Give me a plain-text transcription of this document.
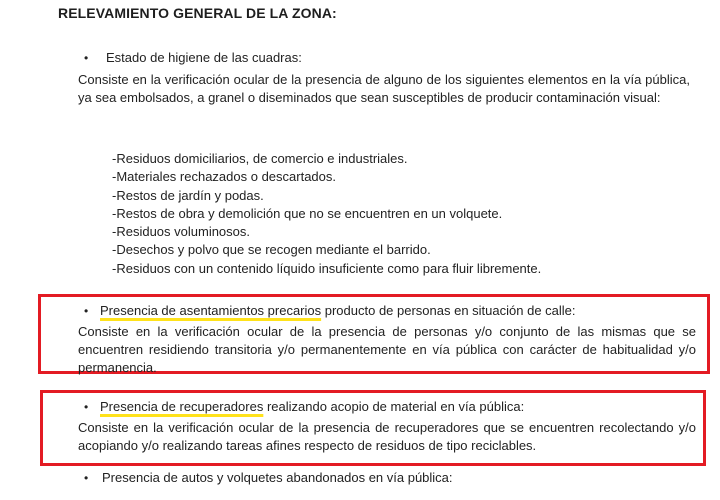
RELEVAMIENTO GENERAL DE LA ZONA:
• Estado de higiene de las cuadras:
Consiste en la verificación ocular de la presencia de alguno de los siguientes elementos en la vía pública, ya sea embolsados, a granel o diseminados que sean susceptibles de producir contaminación visual:
-Residuos domiciliarios, de comercio e industriales.
-Materiales rechazados o descartados.
-Restos de jardín y podas.
-Restos de obra y demolición que no se encuentren en un volquete.
-Residuos voluminosos.
-Desechos y polvo que se recogen mediante el barrido.
-Residuos con un contenido líquido insuficiente como para fluir libremente.
• Presencia de asentamientos precarios producto de personas en situación de calle:
Consiste en la verificación ocular de la presencia de personas y/o conjunto de las mismas que se encuentren residiendo transitoria y/o permanentemente en vía pública con carácter de habitualidad y/o permanencia.
• Presencia de recuperadores realizando acopio de material en vía pública:
Consiste en la verificación ocular de la presencia de recuperadores que se encuentren recolectando y/o acopiando y/o realizando tareas afines respecto de residuos de tipo reciclables.
• Presencia de autos y volquetes abandonados en vía pública:
